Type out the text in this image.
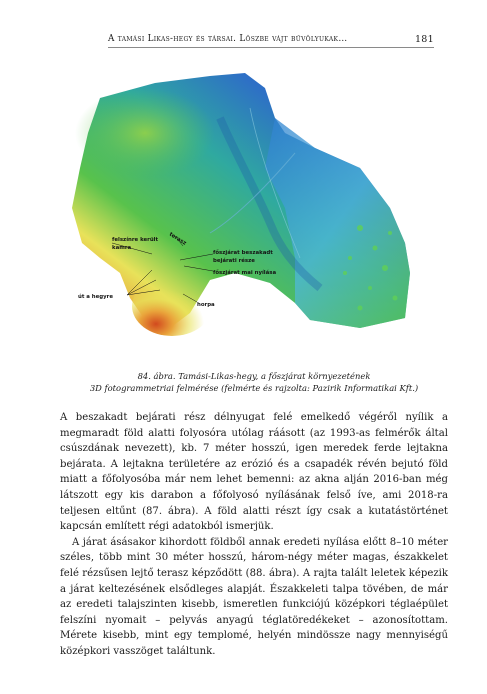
A tamási Likas-hegy és társai. Löszbe vájt bűvölyukak…	181
felszínre került
kamra
terasz
főszjárat beszakadt
bejárati része
főszjárat mai nyílása
út a hegyre
horpa
84. ábra. Tamási-Likas-hegy, a főszjárat környezetének
3D fotogrammetriai felmérése (felmérte és rajzolta: Pazirik Informatikai Kft.)

A beszakadt bejárati rész délnyugat felé emelkedő végéről nyílik a megmaradt föld alatti folyosóra utólag ráásott (az 1993-as felmérők által csúszdának nevezett), kb. 7 méter hosszú, igen meredek ferde lejtakna bejárata. A lejtakna területére az erózió és a csapadék révén bejutó föld miatt a főfolyosóba már nem lehet bemenni: az akna alján 2016-ban még látszott egy kis darabon a főfolyosó nyílásának felső íve, ami 2018-ra teljesen eltűnt (87. ábra). A föld alatti részt így csak a kutatástörténet kapcsán említett régi adatokból ismerjük.

A járat ásásakor kihordott földből annak eredeti nyílása előtt 8–10 méter széles, több mint 30 méter hosszú, három-négy méter magas, északkelet felé rézsűsen lejtő terasz képződött (88. ábra). A rajta talált leletek képezik a járat keltezésének elsődleges alapját. Északkeleti talpa tövében, de már az eredeti talajszinten kisebb, ismeretlen funkciójú középkori téglaépület felszíni nyomait – pelyvás anyagú téglatöredékeket – azonosítottam. Mérete kisebb, mint egy templomé, helyén mindössze nagy mennyiségű középkori vasszöget találtunk.
